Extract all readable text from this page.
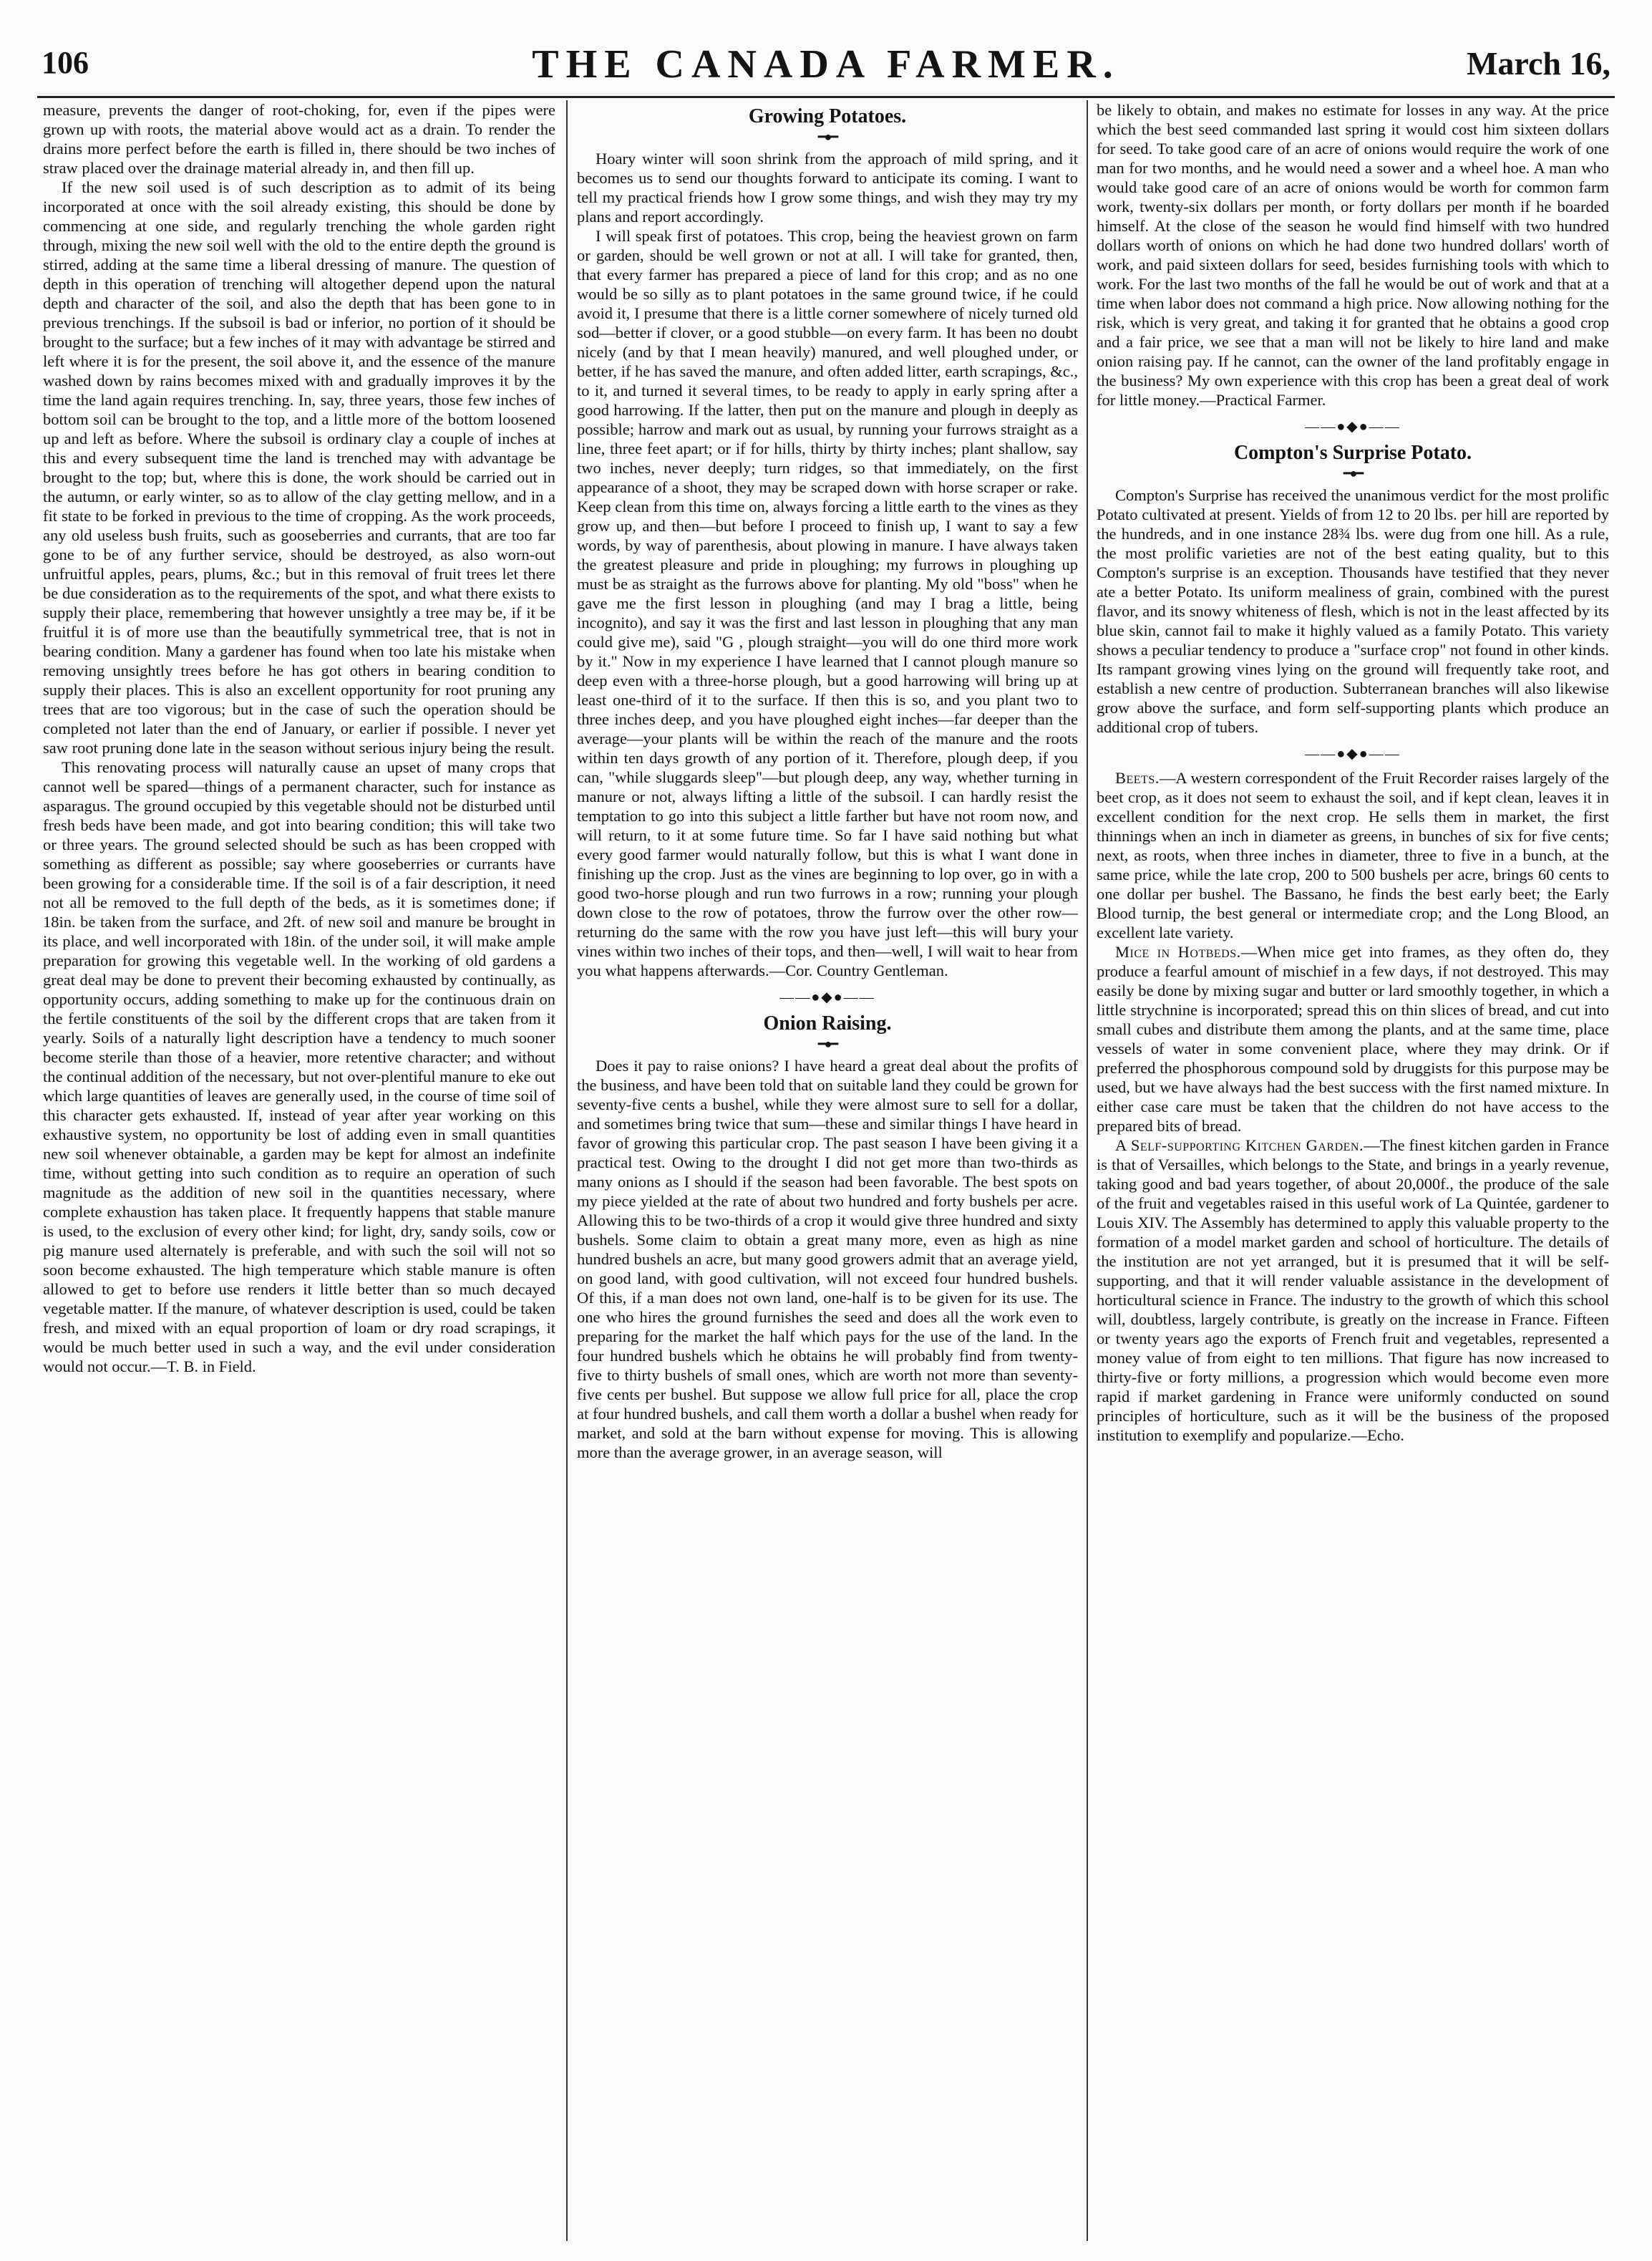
106	THE CANADA FARMER.	March 16,

measure, prevents the danger of root-choking, for, even if the pipes were grown up with roots, the material above would act as a drain. To render the drains more perfect before the earth is filled in, there should be two inches of straw placed over the drainage material already in, and then fill up.

If the new soil used is of such description as to admit of its being incorporated at once with the soil already existing, this should be done by commencing at one side, and regularly trenching the whole garden right through, mixing the new soil well with the old to the entire depth the ground is stirred, adding at the same time a liberal dressing of manure. The question of depth in this operation of trenching will altogether depend upon the natural depth and character of the soil, and also the depth that has been gone to in previous trenchings. If the subsoil is bad or inferior, no portion of it should be brought to the surface; but a few inches of it may with advantage be stirred and left where it is for the present, the soil above it, and the essence of the manure washed down by rains becomes mixed with and gradually improves it by the time the land again requires trenching. In, say, three years, those few inches of bottom soil can be brought to the top, and a little more of the bottom loosened up and left as before. Where the subsoil is ordinary clay a couple of inches at this and every subsequent time the land is trenched may with advantage be brought to the top; but, where this is done, the work should be carried out in the autumn, or early winter, so as to allow of the clay getting mellow, and in a fit state to be forked in previous to the time of cropping. As the work proceeds, any old useless bush fruits, such as gooseberries and currants, that are too far gone to be of any further service, should be destroyed, as also worn-out unfruitful apples, pears, plums, &c.; but in this removal of fruit trees let there be due consideration as to the requirements of the spot, and what there exists to supply their place, remembering that however unsightly a tree may be, if it be fruitful it is of more use than the beautifully symmetrical tree, that is not in bearing condition. Many a gardener has found when too late his mistake when removing unsightly trees before he has got others in bearing condition to supply their places. This is also an excellent opportunity for root pruning any trees that are too vigorous; but in the case of such the operation should be completed not later than the end of January, or earlier if possible. I never yet saw root pruning done late in the season without serious injury being the result.

This renovating process will naturally cause an upset of many crops that cannot well be spared—things of a permanent character, such for instance as asparagus. The ground occupied by this vegetable should not be disturbed until fresh beds have been made, and got into bearing condition; this will take two or three years. The ground selected should be such as has been cropped with something as different as possible; say where gooseberries or currants have been growing for a considerable time. If the soil is of a fair description, it need not all be removed to the full depth of the beds, as it is sometimes done; if 18in. be taken from the surface, and 2ft. of new soil and manure be brought in its place, and well incorporated with 18in. of the under soil, it will make ample preparation for growing this vegetable well. In the working of old gardens a great deal may be done to prevent their becoming exhausted by continually, as opportunity occurs, adding something to make up for the continuous drain on the fertile constituents of the soil by the different crops that are taken from it yearly. Soils of a naturally light description have a tendency to much sooner become sterile than those of a heavier, more retentive character; and without the continual addition of the necessary, but not over-plentiful manure to eke out which large quantities of leaves are generally used, in the course of time soil of this character gets exhausted. If, instead of year after year working on this exhaustive system, no opportunity be lost of adding even in small quantities new soil whenever obtainable, a garden may be kept for almost an indefinite time, without getting into such condition as to require an operation of such magnitude as the addition of new soil in the quantities necessary, where complete exhaustion has taken place. It frequently happens that stable manure is used, to the exclusion of every other kind; for light, dry, sandy soils, cow or pig manure used alternately is preferable, and with such the soil will not so soon become exhausted. The high temperature which stable manure is often allowed to get to before use renders it little better than so much decayed vegetable matter. If the manure, of whatever description is used, could be taken fresh, and mixed with an equal proportion of loam or dry road scrapings, it would be much better used in such a way, and the evil under consideration would not occur.—T. B. in Field.

Growing Potatoes.
━●━

Hoary winter will soon shrink from the approach of mild spring, and it becomes us to send our thoughts forward to anticipate its coming. I want to tell my practical friends how I grow some things, and wish they may try my plans and report accordingly.

I will speak first of potatoes. This crop, being the heaviest grown on farm or garden, should be well grown or not at all. I will take for granted, then, that every farmer has prepared a piece of land for this crop; and as no one would be so silly as to plant potatoes in the same ground twice, if he could avoid it, I presume that there is a little corner somewhere of nicely turned old sod—better if clover, or a good stubble—on every farm. It has been no doubt nicely (and by that I mean heavily) manured, and well ploughed under, or better, if he has saved the manure, and often added litter, earth scrapings, &c., to it, and turned it several times, to be ready to apply in early spring after a good harrowing. If the latter, then put on the manure and plough in deeply as possible; harrow and mark out as usual, by running your furrows straight as a line, three feet apart; or if for hills, thirty by thirty inches; plant shallow, say two inches, never deeply; turn ridges, so that immediately, on the first appearance of a shoot, they may be scraped down with horse scraper or rake. Keep clean from this time on, always forcing a little earth to the vines as they grow up, and then—but before I proceed to finish up, I want to say a few words, by way of parenthesis, about plowing in manure. I have always taken the greatest pleasure and pride in ploughing; my furrows in ploughing up must be as straight as the furrows above for planting. My old "boss" when he gave me the first lesson in ploughing (and may I brag a little, being incognito), and say it was the first and last lesson in ploughing that any man could give me), said "G , plough straight—you will do one third more work by it." Now in my experience I have learned that I cannot plough manure so deep even with a three-horse plough, but a good harrowing will bring up at least one-third of it to the surface. If then this is so, and you plant two to three inches deep, and you have ploughed eight inches—far deeper than the average—your plants will be within the reach of the manure and the roots within ten days growth of any portion of it. Therefore, plough deep, if you can, "while sluggards sleep"—but plough deep, any way, whether turning in manure or not, always lifting a little of the subsoil. I can hardly resist the temptation to go into this subject a little farther but have not room now, and will return, to it at some future time. So far I have said nothing but what every good farmer would naturally follow, but this is what I want done in finishing up the crop. Just as the vines are beginning to lop over, go in with a good two-horse plough and run two furrows in a row; running your plough down close to the row of potatoes, throw the furrow over the other row—returning do the same with the row you have just left—this will bury your vines within two inches of their tops, and then—well, I will wait to hear from you what happens afterwards.—Cor. Country Gentleman.

——●◆●——
Onion Raising.
━●━

Does it pay to raise onions? I have heard a great deal about the profits of the business, and have been told that on suitable land they could be grown for seventy-five cents a bushel, while they were almost sure to sell for a dollar, and sometimes bring twice that sum—these and similar things I have heard in favor of growing this particular crop. The past season I have been giving it a practical test. Owing to the drought I did not get more than two-thirds as many onions as I should if the season had been favorable. The best spots on my piece yielded at the rate of about two hundred and forty bushels per acre. Allowing this to be two-thirds of a crop it would give three hundred and sixty bushels. Some claim to obtain a great many more, even as high as nine hundred bushels an acre, but many good growers admit that an average yield, on good land, with good cultivation, will not exceed four hundred bushels. Of this, if a man does not own land, one-half is to be given for its use. The one who hires the ground furnishes the seed and does all the work even to preparing for the market the half which pays for the use of the land. In the four hundred bushels which he obtains he will probably find from twenty-five to thirty bushels of small ones, which are worth not more than seventy-five cents per bushel. But suppose we allow full price for all, place the crop at four hundred bushels, and call them worth a dollar a bushel when ready for market, and sold at the barn without expense for moving. This is allowing more than the average grower, in an average season, will

be likely to obtain, and makes no estimate for losses in any way. At the price which the best seed commanded last spring it would cost him sixteen dollars for seed. To take good care of an acre of onions would require the work of one man for two months, and he would need a sower and a wheel hoe. A man who would take good care of an acre of onions would be worth for common farm work, twenty-six dollars per month, or forty dollars per month if he boarded himself. At the close of the season he would find himself with two hundred dollars worth of onions on which he had done two hundred dollars' worth of work, and paid sixteen dollars for seed, besides furnishing tools with which to work. For the last two months of the fall he would be out of work and that at a time when labor does not command a high price. Now allowing nothing for the risk, which is very great, and taking it for granted that he obtains a good crop and a fair price, we see that a man will not be likely to hire land and make onion raising pay. If he cannot, can the owner of the land profitably engage in the business? My own experience with this crop has been a great deal of work for little money.—Practical Farmer.

——●◆●——
Compton's Surprise Potato.
━●━

Compton's Surprise has received the unanimous verdict for the most prolific Potato cultivated at present. Yields of from 12 to 20 lbs. per hill are reported by the hundreds, and in one instance 28¾ lbs. were dug from one hill. As a rule, the most prolific varieties are not of the best eating quality, but to this Compton's surprise is an exception. Thousands have testified that they never ate a better Potato. Its uniform mealiness of grain, combined with the purest flavor, and its snowy whiteness of flesh, which is not in the least affected by its blue skin, cannot fail to make it highly valued as a family Potato. This variety shows a peculiar tendency to produce a "surface crop" not found in other kinds. Its rampant growing vines lying on the ground will frequently take root, and establish a new centre of production. Subterranean branches will also likewise grow above the surface, and form self-supporting plants which produce an additional crop of tubers.

——●◆●——

Beets.—A western correspondent of the Fruit Recorder raises largely of the beet crop, as it does not seem to exhaust the soil, and if kept clean, leaves it in excellent condition for the next crop. He sells them in market, the first thinnings when an inch in diameter as greens, in bunches of six for five cents; next, as roots, when three inches in diameter, three to five in a bunch, at the same price, while the late crop, 200 to 500 bushels per acre, brings 60 cents to one dollar per bushel. The Bassano, he finds the best early beet; the Early Blood turnip, the best general or intermediate crop; and the Long Blood, an excellent late variety.

Mice in Hotbeds.—When mice get into frames, as they often do, they produce a fearful amount of mischief in a few days, if not destroyed. This may easily be done by mixing sugar and butter or lard smoothly together, in which a little strychnine is incorporated; spread this on thin slices of bread, and cut into small cubes and distribute them among the plants, and at the same time, place vessels of water in some convenient place, where they may drink. Or if preferred the phosphorous compound sold by druggists for this purpose may be used, but we have always had the best success with the first named mixture. In either case care must be taken that the children do not have access to the prepared bits of bread.

A Self-supporting Kitchen Garden.—The finest kitchen garden in France is that of Versailles, which belongs to the State, and brings in a yearly revenue, taking good and bad years together, of about 20,000f., the produce of the sale of the fruit and vegetables raised in this useful work of La Quintée, gardener to Louis XIV. The Assembly has determined to apply this valuable property to the formation of a model market garden and school of horticulture. The details of the institution are not yet arranged, but it is presumed that it will be self-supporting, and that it will render valuable assistance in the development of horticultural science in France. The industry to the growth of which this school will, doubtless, largely contribute, is greatly on the increase in France. Fifteen or twenty years ago the exports of French fruit and vegetables, represented a money value of from eight to ten millions. That figure has now increased to thirty-five or forty millions, a progression which would become even more rapid if market gardening in France were uniformly conducted on sound principles of horticulture, such as it will be the business of the proposed institution to exemplify and popularize.—Echo.
